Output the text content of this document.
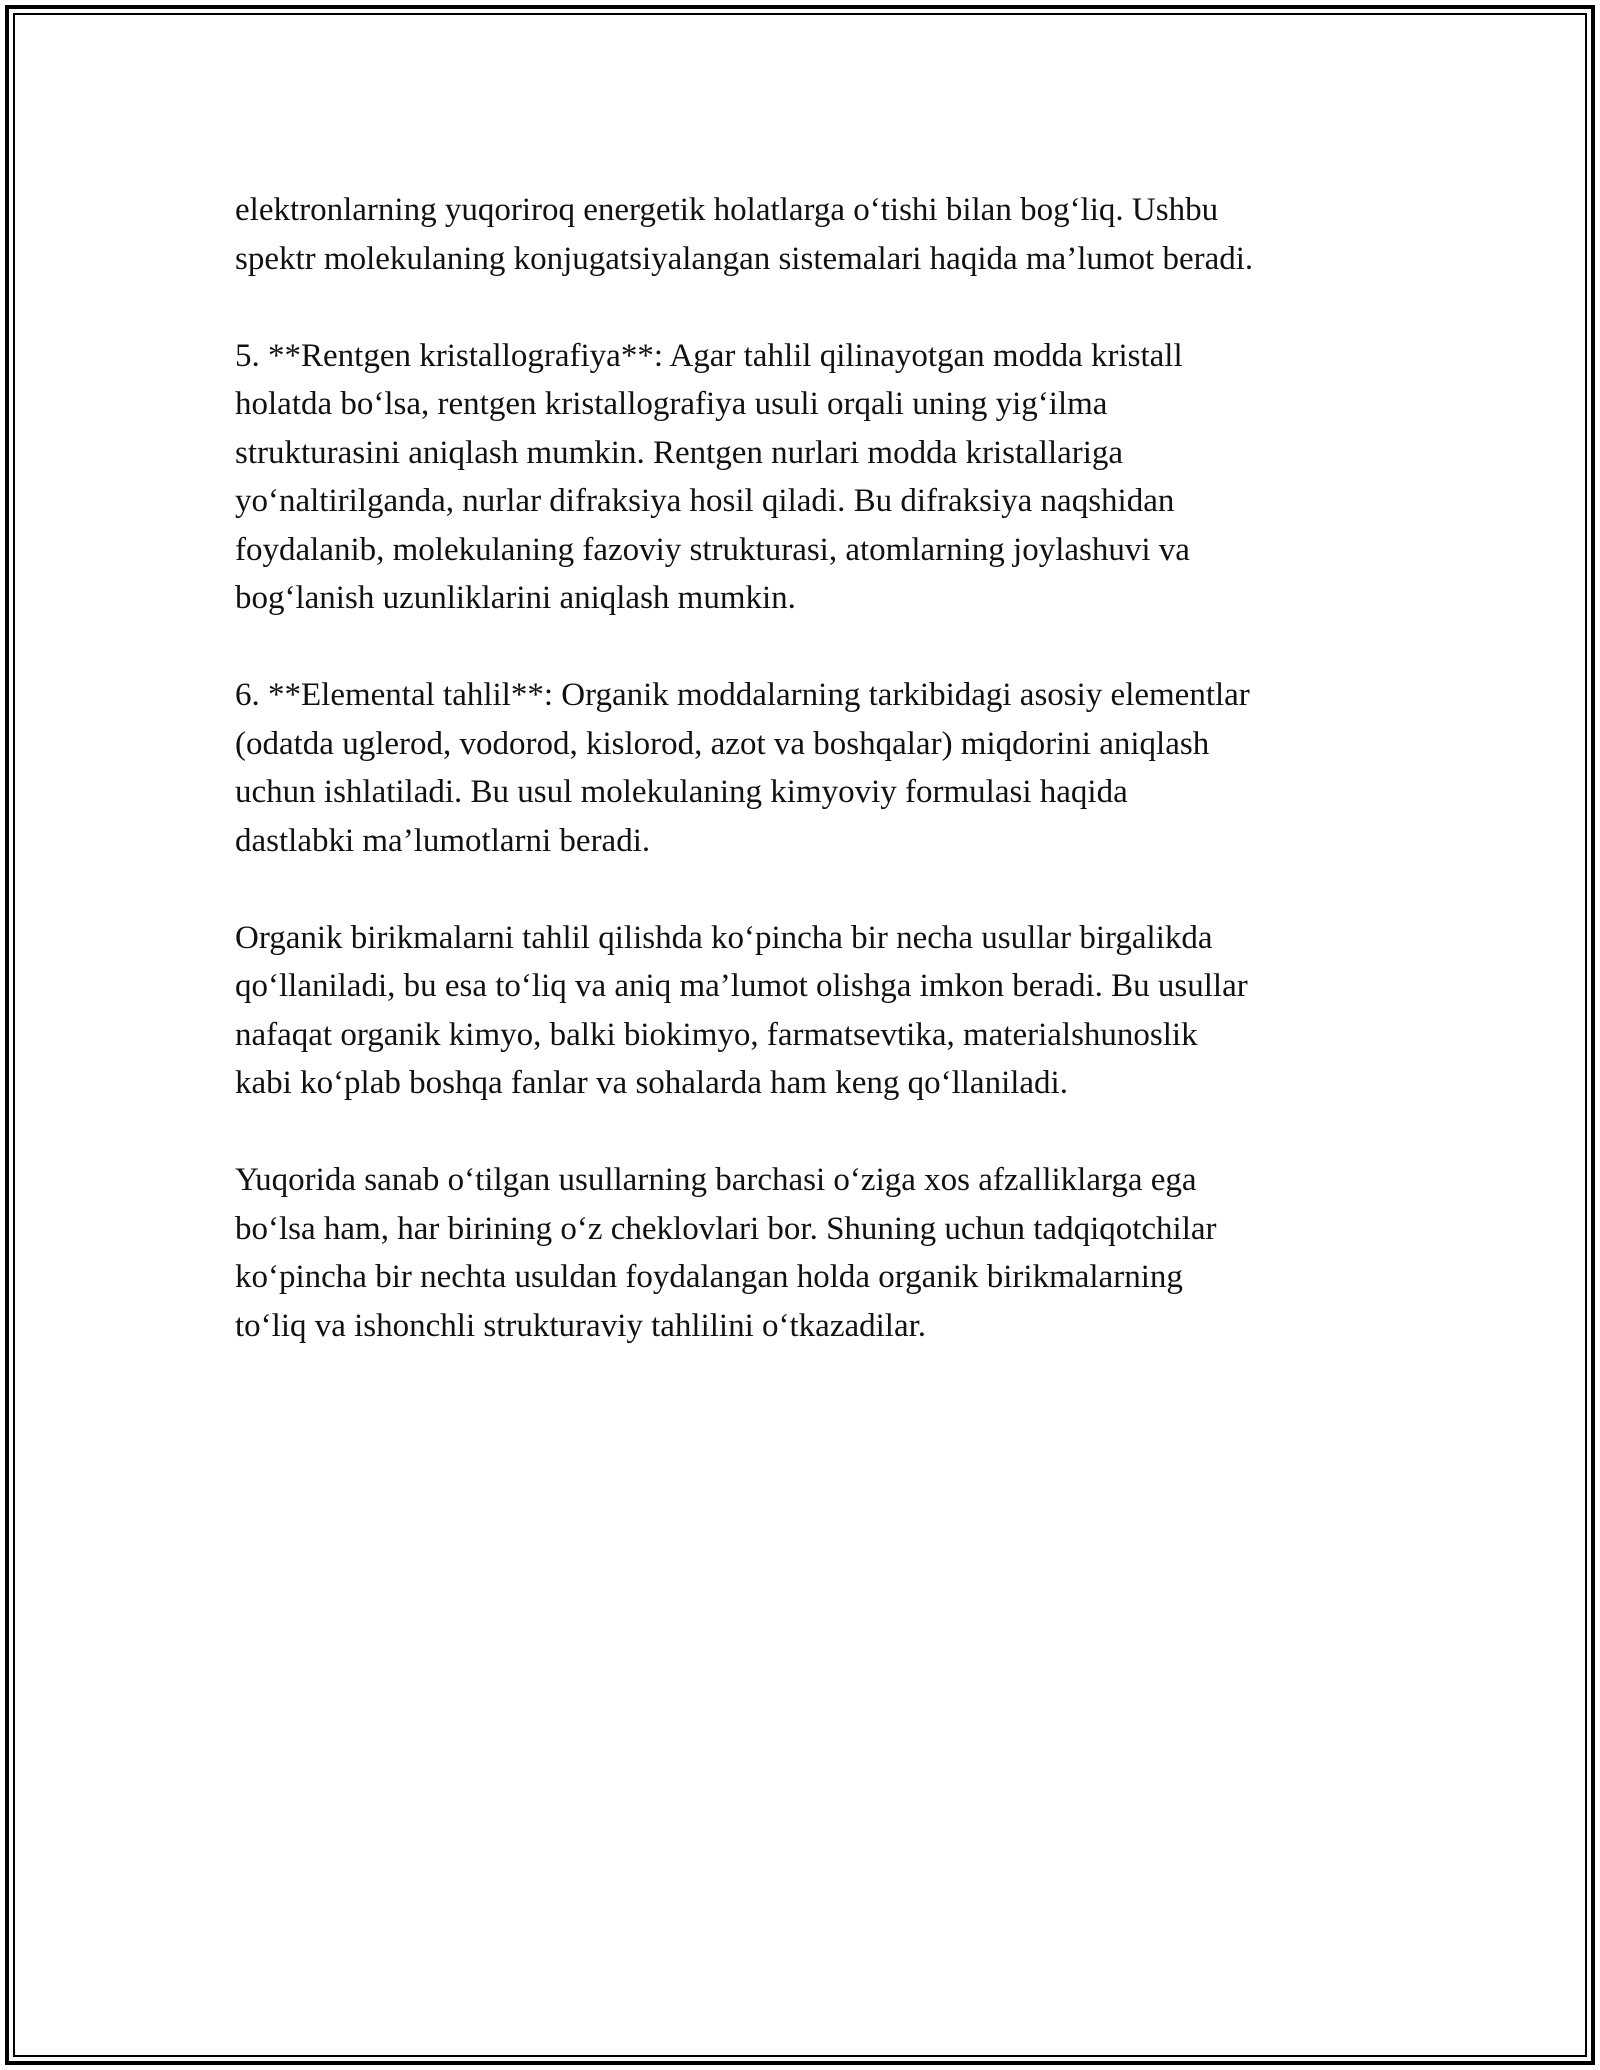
elektronlarning yuqoriroq energetik holatlarga o‘tishi bilan bog‘liq. Ushbu
spektr molekulaning konjugatsiyalangan sistemalari haqida ma’lumot beradi.

5. **Rentgen kristallografiya**: Agar tahlil qilinayotgan modda kristall
holatda bo‘lsa, rentgen kristallografiya usuli orqali uning yig‘ilma
strukturasini aniqlash mumkin. Rentgen nurlari modda kristallariga
yo‘naltirilganda, nurlar difraksiya hosil qiladi. Bu difraksiya naqshidan
foydalanib, molekulaning fazoviy strukturasi, atomlarning joylashuvi va
bog‘lanish uzunliklarini aniqlash mumkin.

6. **Elemental tahlil**: Organik moddalarning tarkibidagi asosiy elementlar
(odatda uglerod, vodorod, kislorod, azot va boshqalar) miqdorini aniqlash
uchun ishlatiladi. Bu usul molekulaning kimyoviy formulasi haqida
dastlabki ma’lumotlarni beradi.

Organik birikmalarni tahlil qilishda ko‘pincha bir necha usullar birgalikda
qo‘llaniladi, bu esa to‘liq va aniq ma’lumot olishga imkon beradi. Bu usullar
nafaqat organik kimyo, balki biokimyo, farmatsevtika, materialshunoslik
kabi ko‘plab boshqa fanlar va sohalarda ham keng qo‘llaniladi.

Yuqorida sanab o‘tilgan usullarning barchasi o‘ziga xos afzalliklarga ega
bo‘lsa ham, har birining o‘z cheklovlari bor. Shuning uchun tadqiqotchilar
ko‘pincha bir nechta usuldan foydalangan holda organik birikmalarning
to‘liq va ishonchli strukturaviy tahlilini o‘tkazadilar.
